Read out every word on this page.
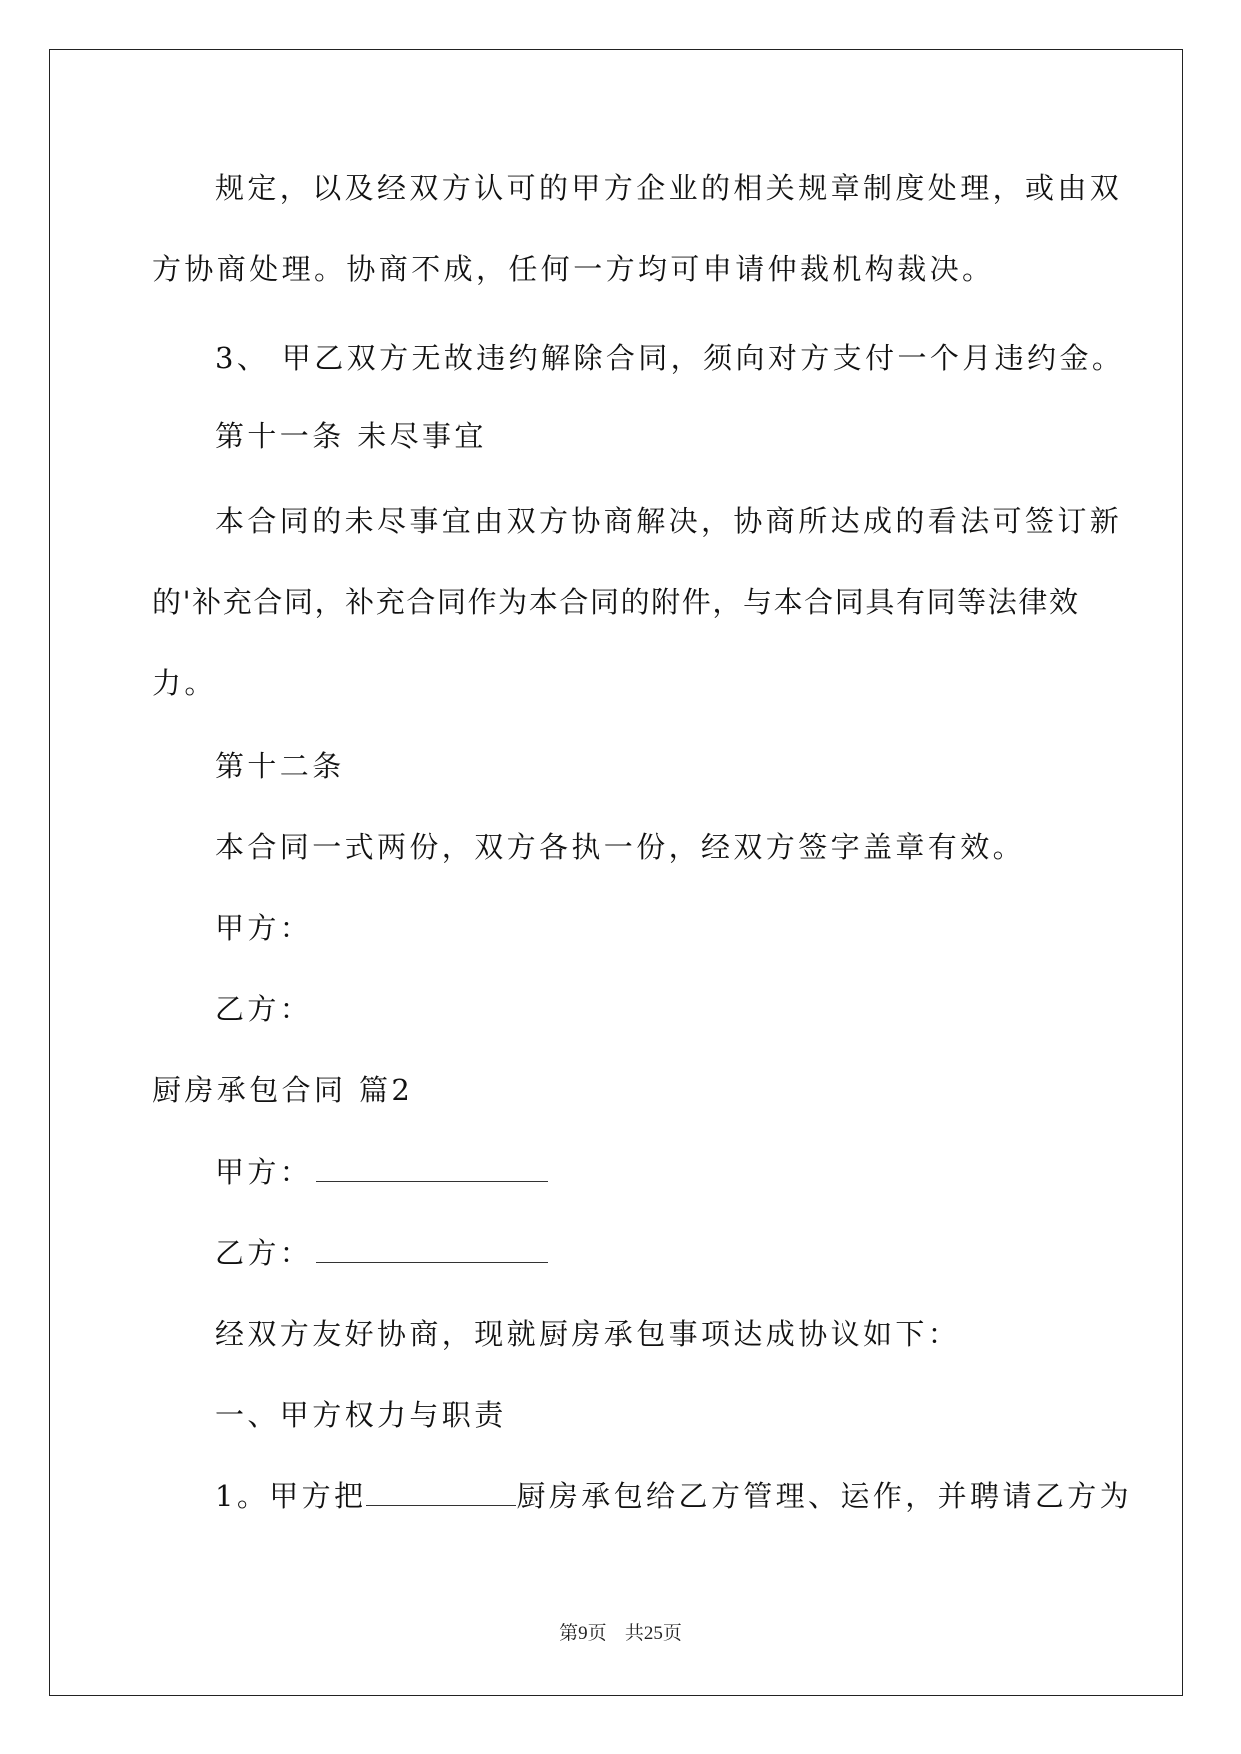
规定，以及经双方认可的甲方企业的相关规章制度处理，或由双
方协商处理。协商不成，任何一方均可申请仲裁机构裁决。
3、 甲乙双方无故违约解除合同，须向对方支付一个月违约金。
第十一条 未尽事宜
本合同的未尽事宜由双方协商解决，协商所达成的看法可签订新
的'补充合同，补充合同作为本合同的附件，与本合同具有同等法律效
力。
第十二条
本合同一式两份，双方各执一份，经双方签字盖章有效。
甲方：
乙方：
厨房承包合同 篇2
甲方：
乙方：
经双方友好协商，现就厨房承包事项达成协议如下：
一、甲方权力与职责
1。甲方把	厨房承包给乙方管理、运作，并聘请乙方为
第9页 共25页
